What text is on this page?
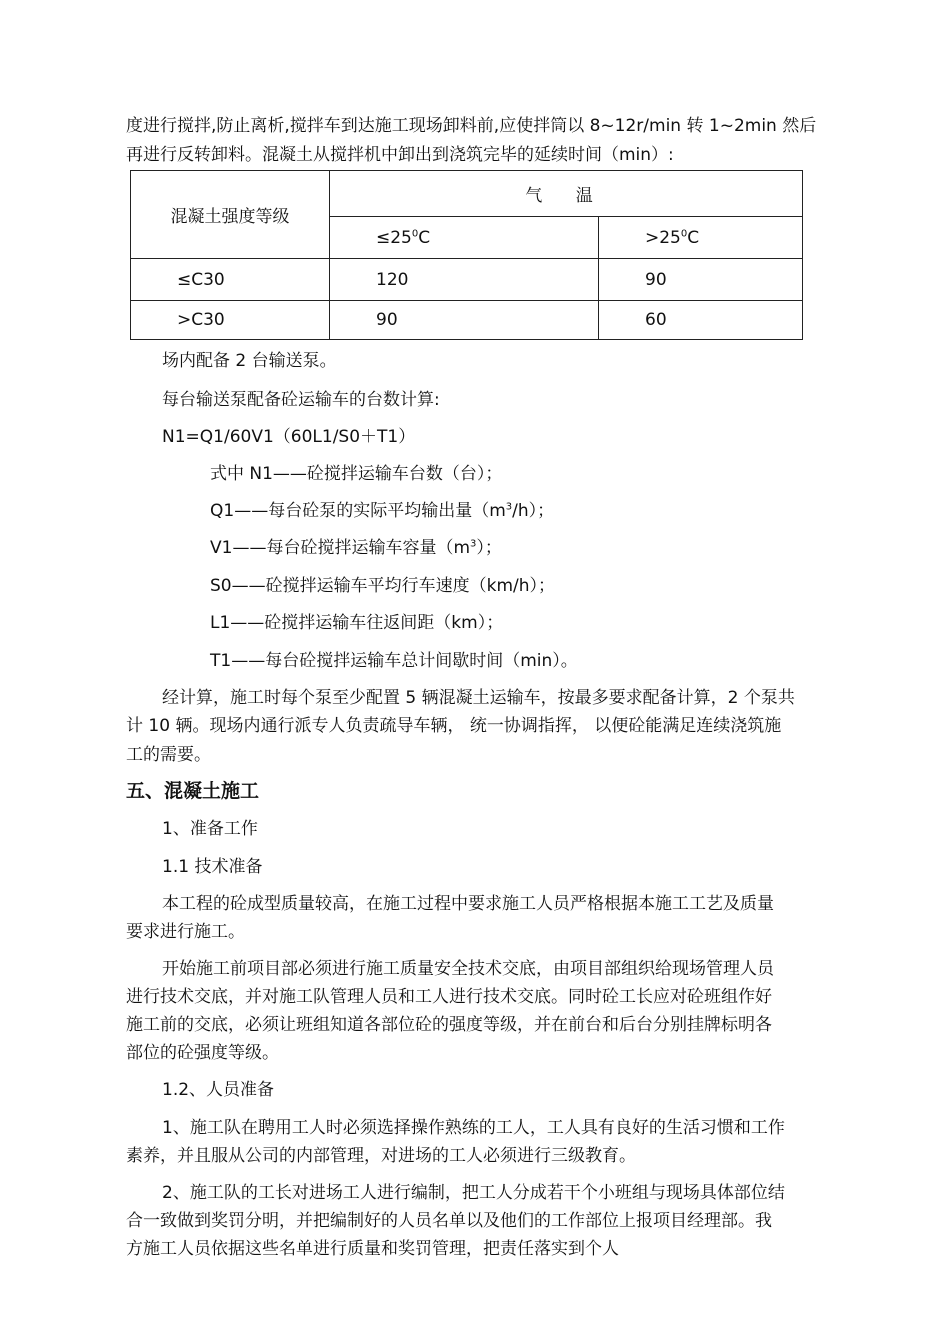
度进行搅拌,防止离析,搅拌车到达施工现场卸料前,应使拌筒以 8~12r/min 转 1~2min 然后
再进行反转卸料。混凝土从搅拌机中卸出到浇筑完毕的延续时间（min）:
混凝土强度等级	气 温	
	$\le 25^0C$	$>25^0C$
≤C30	120	90
>C30	90	60
场内配备 2 台输送泵。
每台输送泵配备砼运输车的台数计算:
N1=Q1/60V1（60L1/S0＋T1）
式中 N1——砼搅拌运输车台数（台）；
Q1——每台砼泵的实际平均输出量$(m^3/h)$；
V1——每台砼搅拌运输车容量$(m^3)$；
S0——砼搅拌运输车平均行车速度（km/h）；
L1——砼搅拌运输车往返间距（km）；
T1——每台砼搅拌运输车总计间歇时间（min）。
经计算，施工时每个泵至少配置 5 辆混凝土运输车，按最多要求配备计算，2 个泵共
计 10 辆。现场内通行派专人负责疏导车辆， 统一协调指挥， 以便砼能满足连续浇筑施
工的需要。
五、混凝土施工
1、准备工作
1.1 技术准备
本工程的砼成型质量较高，在施工过程中要求施工人员严格根据本施工工艺及质量
要求进行施工。
开始施工前项目部必须进行施工质量安全技术交底，由项目部组织给现场管理人员
进行技术交底，并对施工队管理人员和工人进行技术交底。同时砼工长应对砼班组作好
施工前的交底，必须让班组知道各部位砼的强度等级，并在前台和后台分别挂牌标明各
部位的砼强度等级。
1.2、人员准备
1、施工队在聘用工人时必须选择操作熟练的工人，工人具有良好的生活习惯和工作
素养，并且服从公司的内部管理，对进场的工人必须进行三级教育。
2、施工队的工长对进场工人进行编制，把工人分成若干个小班组与现场具体部位结
合一致做到奖罚分明，并把编制好的人员名单以及他们的工作部位上报项目经理部。我
方施工人员依据这些名单进行质量和奖罚管理，把责任落实到个人
